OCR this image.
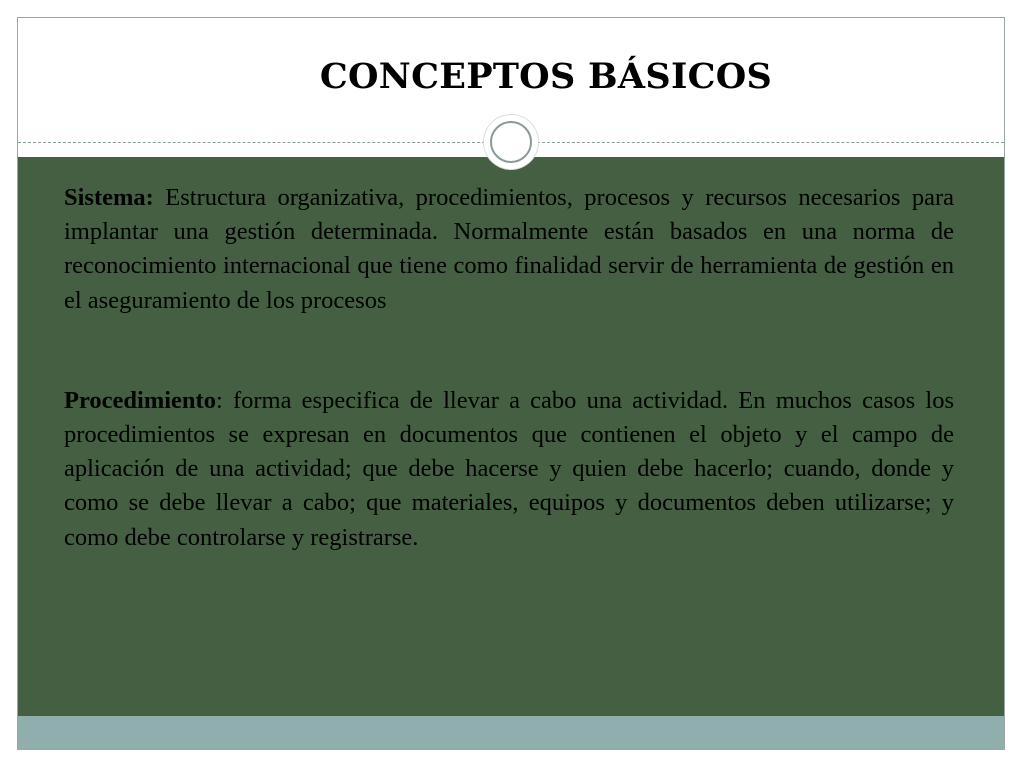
CONCEPTOS BÁSICOS

Sistema: Estructura organizativa, procedimientos, procesos y recursos necesarios para implantar una gestión determinada. Normalmente están basados en una norma de reconocimiento internacional que tiene como finalidad servir de herramienta de gestión en el aseguramiento de los procesos

Procedimiento: forma especifica de llevar a cabo una actividad. En muchos casos los procedimientos se expresan en documentos que contienen el objeto y el campo de aplicación de una actividad; que debe hacerse y quien debe hacerlo; cuando, donde y como se debe llevar a cabo; que materiales, equipos y documentos deben utilizarse; y como debe controlarse y registrarse.
